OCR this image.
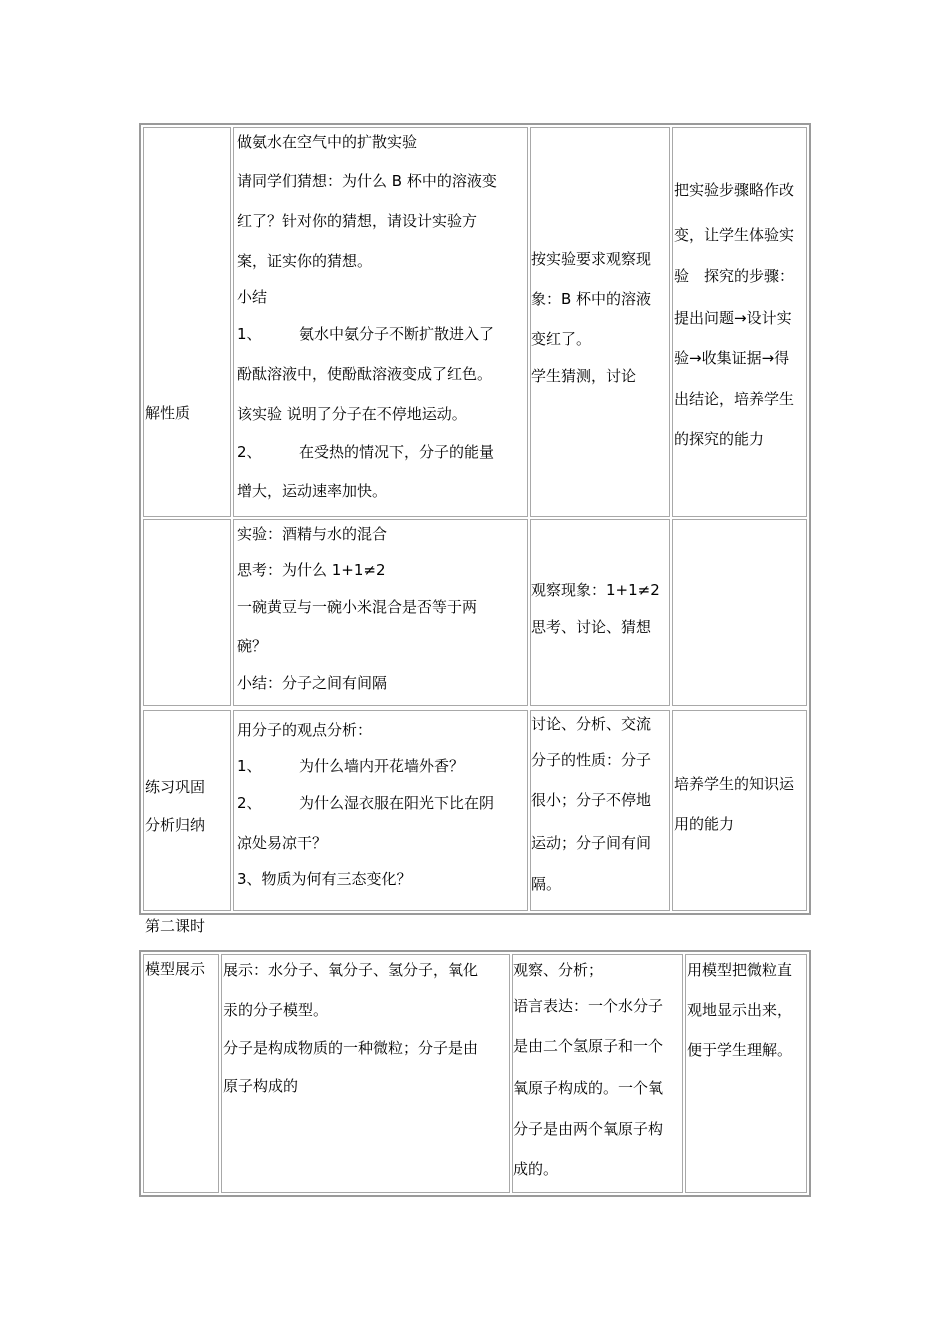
解性质
做氨水在空气中的扩散实验
请同学们猜想：为什么 B 杯中的溶液变
红了？针对你的猜想，请设计实验方
案，证实你的猜想。
小结
1、　　　氨水中氨分子不断扩散进入了
酚酞溶液中，使酚酞溶液变成了红色。
该实验 说明了分子在不停地运动。
2、　　　在受热的情况下，分子的能量
增大，运动速率加快。
按实验要求观察现
象：B 杯中的溶液
变红了。
学生猜测，讨论
把实验步骤略作改
变，让学生体验实
验　探究的步骤：
提出问题→设计实
验→收集证据→得
出结论，培养学生
的探究的能力
实验：酒精与水的混合
思考：为什么 1+1≠2
一碗黄豆与一碗小米混合是否等于两
碗？
小结：分子之间有间隔
观察现象：1+1≠2
思考、讨论、猜想
练习巩固
分析归纳
用分子的观点分析：
1、　　　为什么墙内开花墙外香？
2、　　　为什么湿衣服在阳光下比在阴
凉处易凉干？
3、物质为何有三态变化？
讨论、分析、交流
分子的性质：分子
很小；分子不停地
运动；分子间有间
隔。
培养学生的知识运
用的能力
第二课时
模型展示 展示：水分子、氧分子、氢分子，氧化
汞的分子模型。
分子是构成物质的一种微粒；分子是由
原子构成的
观察、分析；
语言表达：一个水分子
是由二个氢原子和一个
氧原子构成的。一个氧
分子是由两个氧原子构
成的。
用模型把微粒直
观地显示出来，
便于学生理解。
